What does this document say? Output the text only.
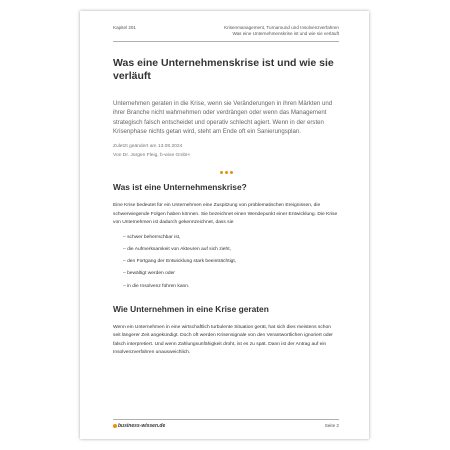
Kapitel 201	Krisenmanagement, Turnaround und Insolvenzverfahren
Was eine Unternehmenskrise ist und wie sie verläuft
Was eine Unternehmenskrise ist und wie sie verläuft

Unternehmen geraten in die Krise, wenn sie Veränderungen in ihren Märkten und ihrer Branche nicht wahrnehmen oder verdrängen oder wenn das Management strategisch falsch entscheidet und operativ schlecht agiert. Wenn in der ersten Krisenphase nichts getan wird, steht am Ende oft ein Sanierungsplan.

Zuletzt geändert am 13.08.2024
Von Dr. Jürgen Fleig, b-wise GmbH
Was ist eine Unternehmenskrise?

Eine Krise bedeutet für ein Unternehmen eine Zuspitzung von problematischen Ereignissen, die schwerwiegende Folgen haben können. Sie bezeichnet einen Wendepunkt einer Entwicklung. Die Krise von Unternehmen ist dadurch gekennzeichnet, dass sie

– schwer beherrschbar ist,
– die Aufmerksamkeit von Akteuren auf sich zieht,
– den Fortgang der Entwicklung stark beeinträchtigt,
– bewältigt werden oder
– in die Insolvenz führen kann.
Wie Unternehmen in eine Krise geraten

Wenn ein Unternehmen in eine wirtschaftlich turbulente Situation gerät, hat sich dies meistens schon seit längerer Zeit angekündigt. Doch oft werden Krisensignale von den Verantwortlichen ignoriert oder falsch interpretiert. Und wenn Zahlungsunfähigkeit droht, ist es zu spät. Dann ist der Antrag auf ein Insolvenzverfahren unausweichlich.

business-wissen.de	Seite 2
